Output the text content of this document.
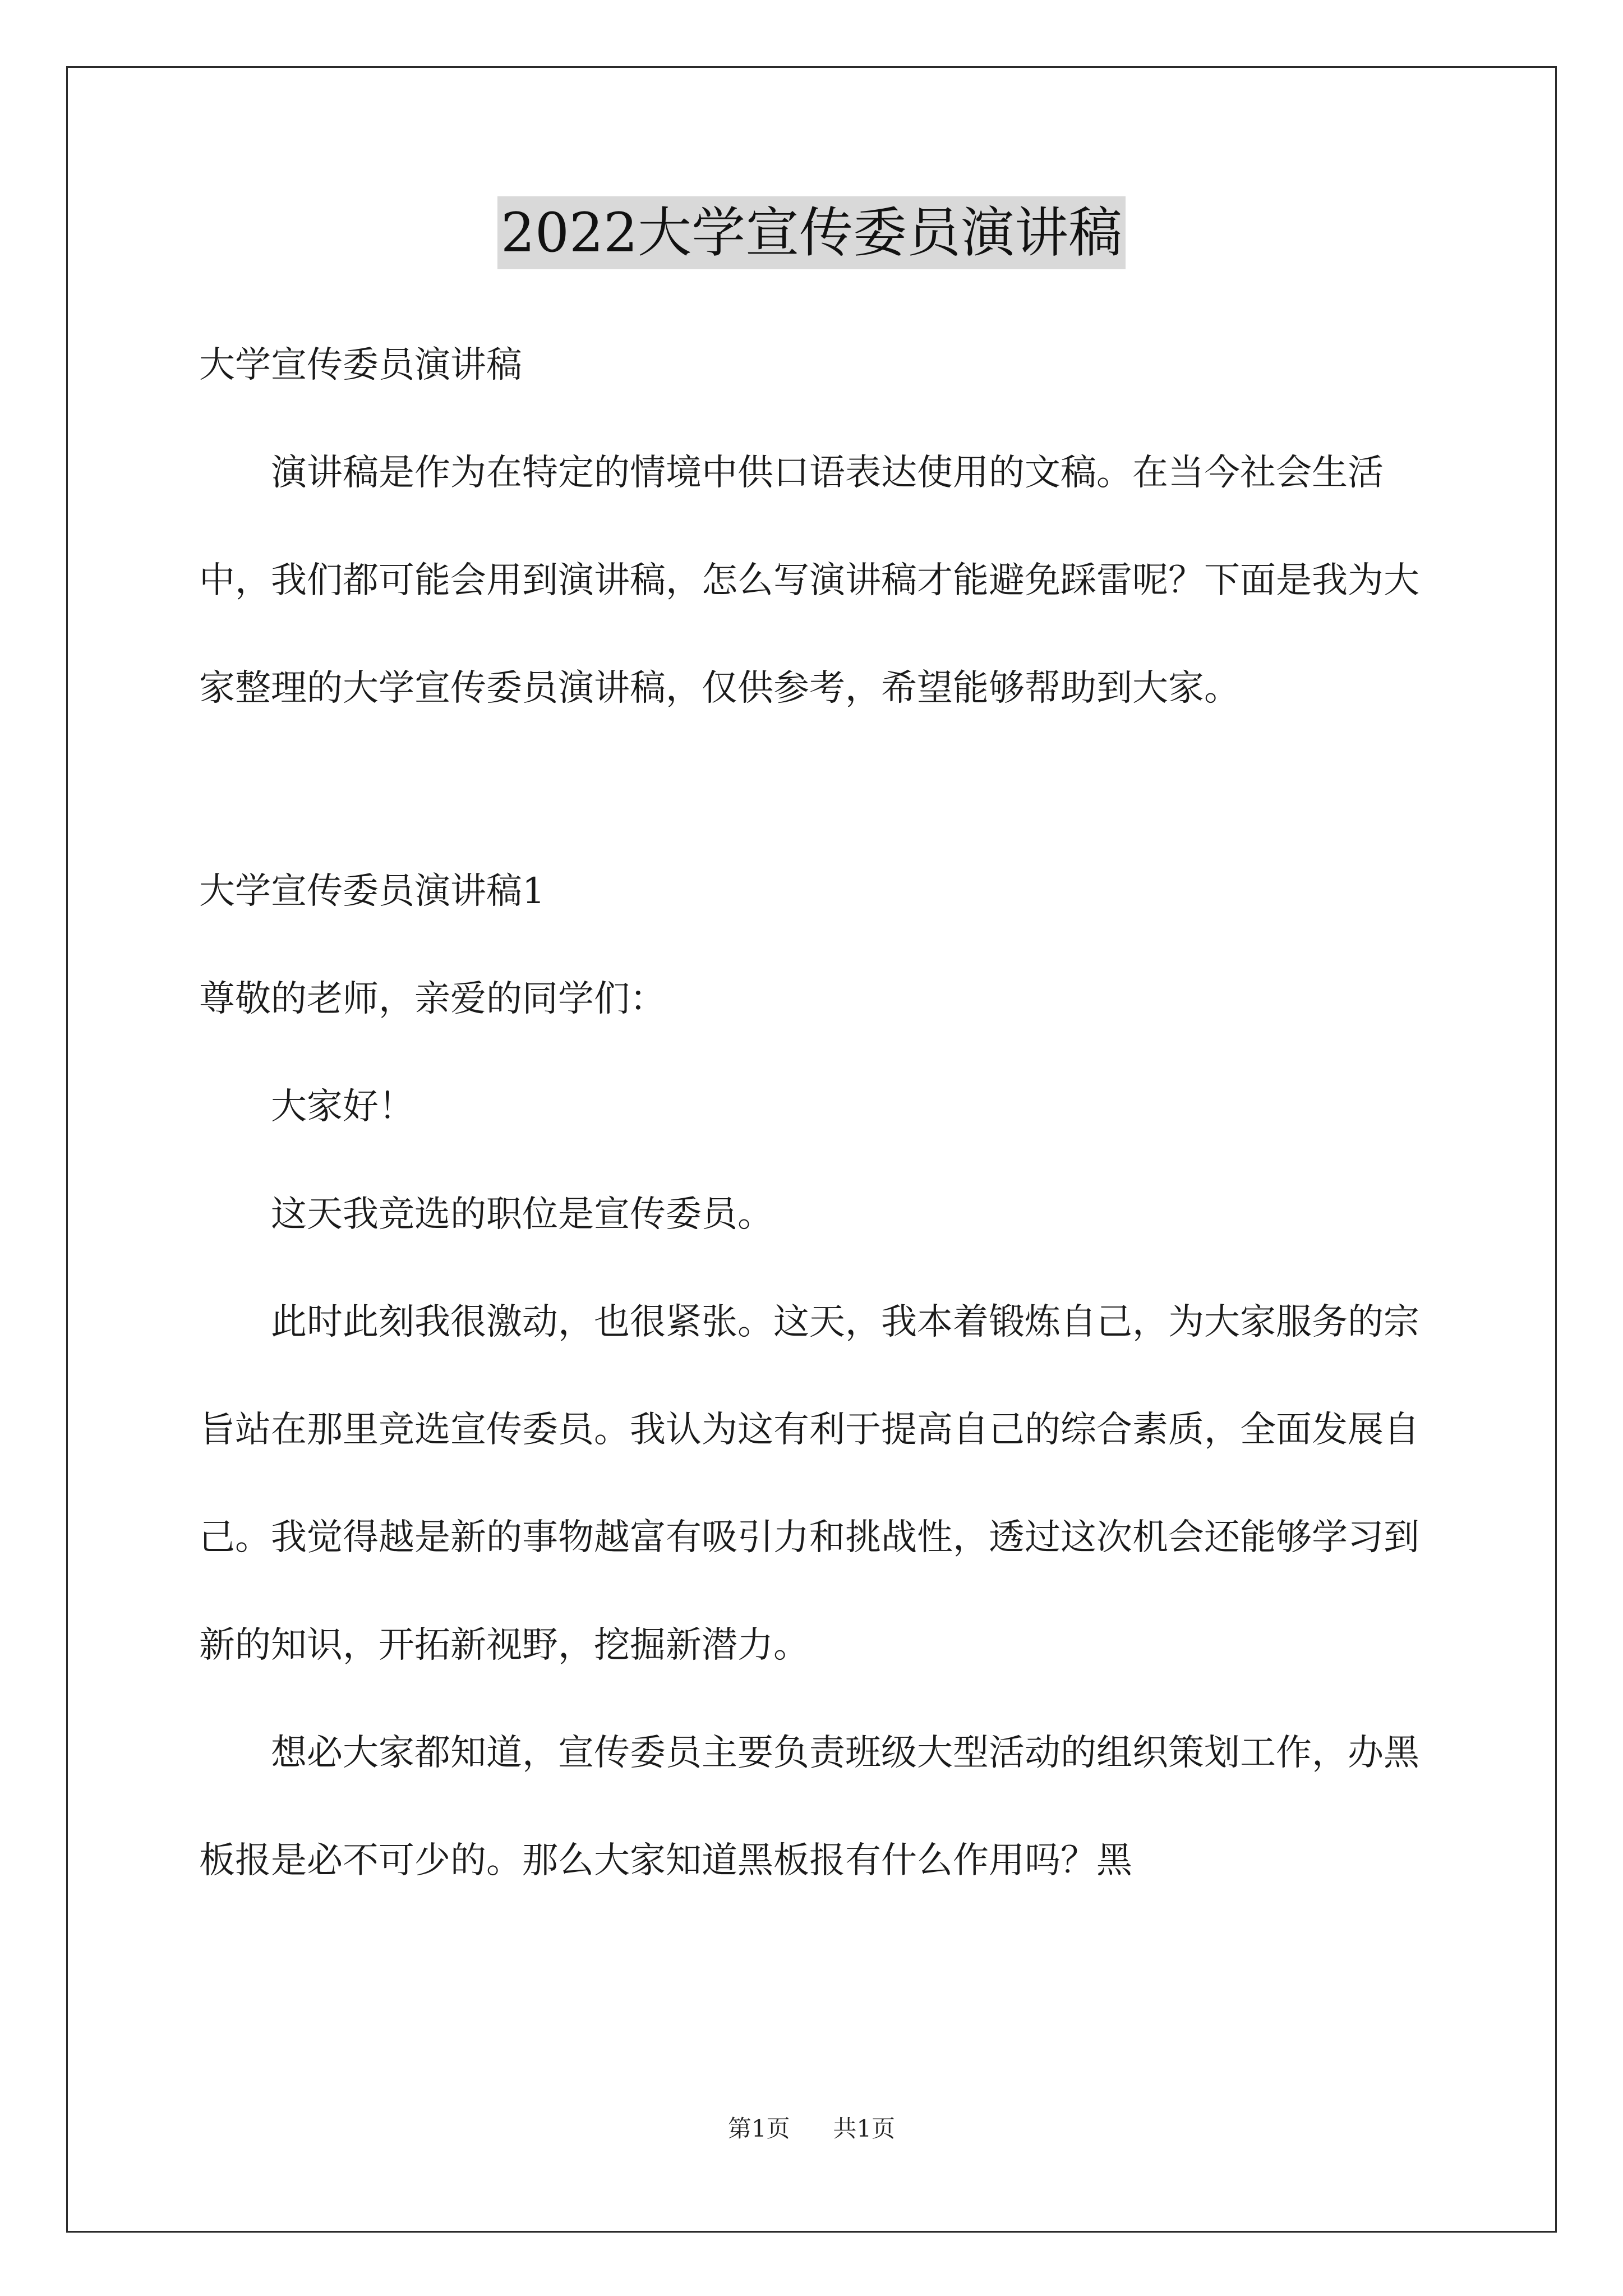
2022大学宣传委员演讲稿

大学宣传委员演讲稿

演讲稿是作为在特定的情境中供口语表达使用的文稿。在当今社会生活中，我们都可能会用到演讲稿，怎么写演讲稿才能避免踩雷呢？下面是我为大家整理的大学宣传委员演讲稿，仅供参考，希望能够帮助到大家。

大学宣传委员演讲稿1

尊敬的老师，亲爱的同学们：

大家好！

这天我竞选的职位是宣传委员。

此时此刻我很激动，也很紧张。这天，我本着锻炼自己，为大家服务的宗旨站在那里竞选宣传委员。我认为这有利于提高自己的综合素质，全面发展自己。我觉得越是新的事物越富有吸引力和挑战性，透过这次机会还能够学习到新的知识，开拓新视野，挖掘新潜力。

想必大家都知道，宣传委员主要负责班级大型活动的组织策划工作，办黑板报是必不可少的。那么大家知道黑板报有什么作用吗？黑

第1页 共1页
